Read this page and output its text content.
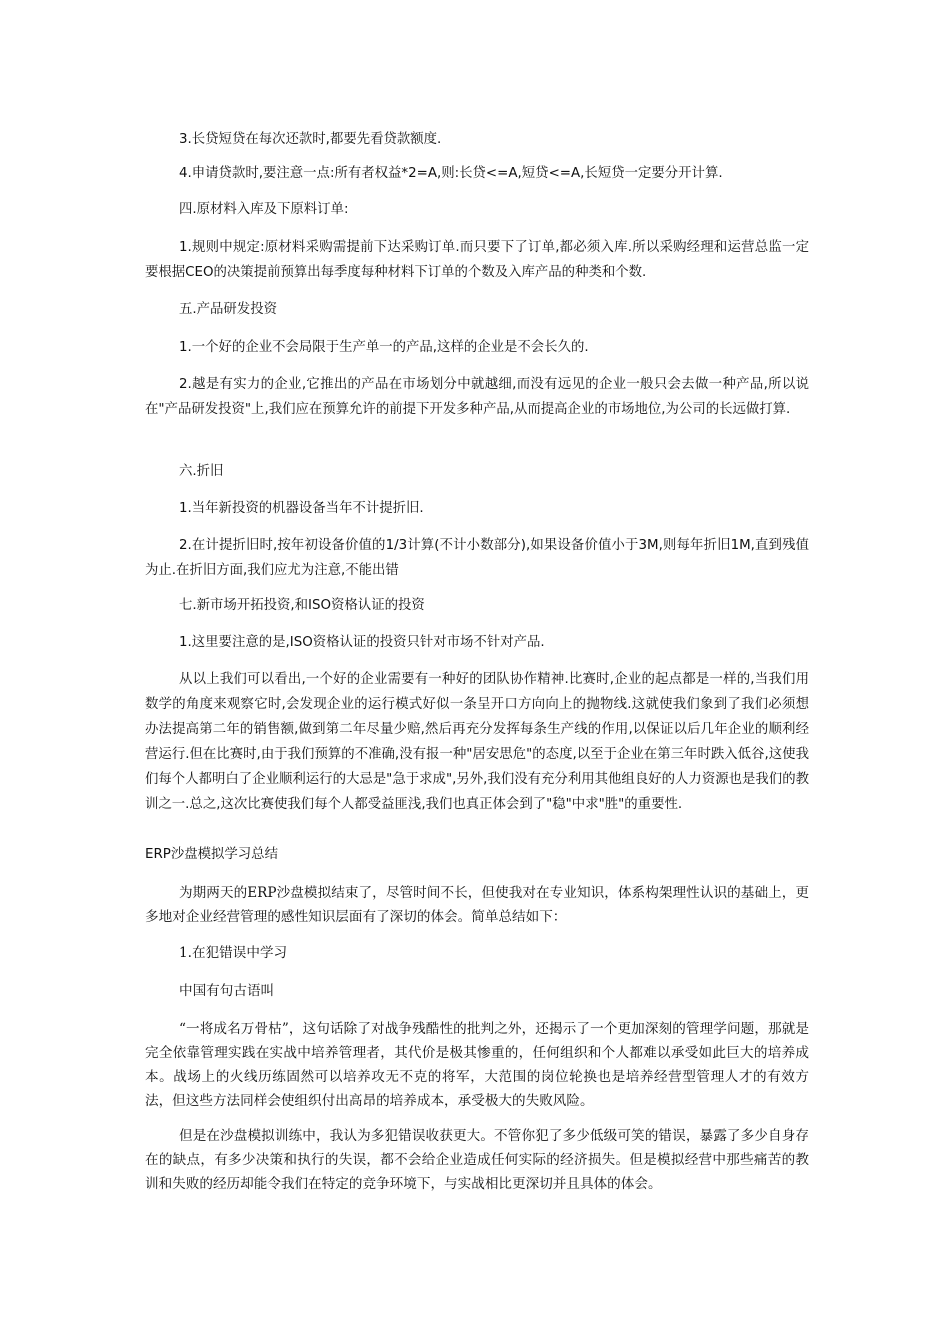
3.长贷短贷在每次还款时,都要先看贷款额度.

4.申请贷款时,要注意一点:所有者权益*2=A,则:长贷<=A,短贷<=A,长短贷一定要分开计算.

四.原材料入库及下原料订单:

1.规则中规定:原材料采购需提前下达采购订单.而只要下了订单,都必须入库.所以采购经理和运营总监一定要根据CEO的决策提前预算出每季度每种材料下订单的个数及入库产品的种类和个数.

五.产品研发投资

1.一个好的企业不会局限于生产单一的产品,这样的企业是不会长久的.

2.越是有实力的企业,它推出的产品在市场划分中就越细,而没有远见的企业一般只会去做一种产品,所以说在"产品研发投资"上,我们应在预算允许的前提下开发多种产品,从而提高企业的市场地位,为公司的长远做打算.

六.折旧

1.当年新投资的机器设备当年不计提折旧.

2.在计提折旧时,按年初设备价值的1/3计算(不计小数部分),如果设备价值小于3M,则每年折旧1M,直到残值为止.在折旧方面,我们应尤为注意,不能出错

七.新市场开拓投资,和ISO资格认证的投资

1.这里要注意的是,ISO资格认证的投资只针对市场不针对产品.

从以上我们可以看出,一个好的企业需要有一种好的团队协作精神.比赛时,企业的起点都是一样的,当我们用数学的角度来观察它时,会发现企业的运行模式好似一条呈开口方向向上的抛物线.这就使我们象到了我们必须想办法提高第二年的销售额,做到第二年尽量少赔,然后再充分发挥每条生产线的作用,以保证以后几年企业的顺利经营运行.但在比赛时,由于我们预算的不准确,没有报一种"居安思危"的态度,以至于企业在第三年时跌入低谷,这使我们每个人都明白了企业顺利运行的大忌是"急于求成",另外,我们没有充分利用其他组良好的人力资源也是我们的教训之一.总之,这次比赛使我们每个人都受益匪浅,我们也真正体会到了"稳"中求"胜"的重要性.

ERP沙盘模拟学习总结

为期两天的ERP沙盘模拟结束了，尽管时间不长，但使我对在专业知识，体系构架理性认识的基础上，更多地对企业经营管理的感性知识层面有了深切的体会。简单总结如下：

1.在犯错误中学习

中国有句古语叫

“一将成名万骨枯”，这句话除了对战争残酷性的批判之外，还揭示了一个更加深刻的管理学问题，那就是完全依靠管理实践在实战中培养管理者，其代价是极其惨重的，任何组织和个人都难以承受如此巨大的培养成本。战场上的火线历练固然可以培养攻无不克的将军，大范围的岗位轮换也是培养经营型管理人才的有效方法，但这些方法同样会使组织付出高昂的培养成本，承受极大的失败风险。

但是在沙盘模拟训练中，我认为多犯错误收获更大。不管你犯了多少低级可笑的错误，暴露了多少自身存在的缺点，有多少决策和执行的失误，都不会给企业造成任何实际的经济损失。但是模拟经营中那些痛苦的教训和失败的经历却能令我们在特定的竞争环境下，与实战相比更深切并且具体的体会。
